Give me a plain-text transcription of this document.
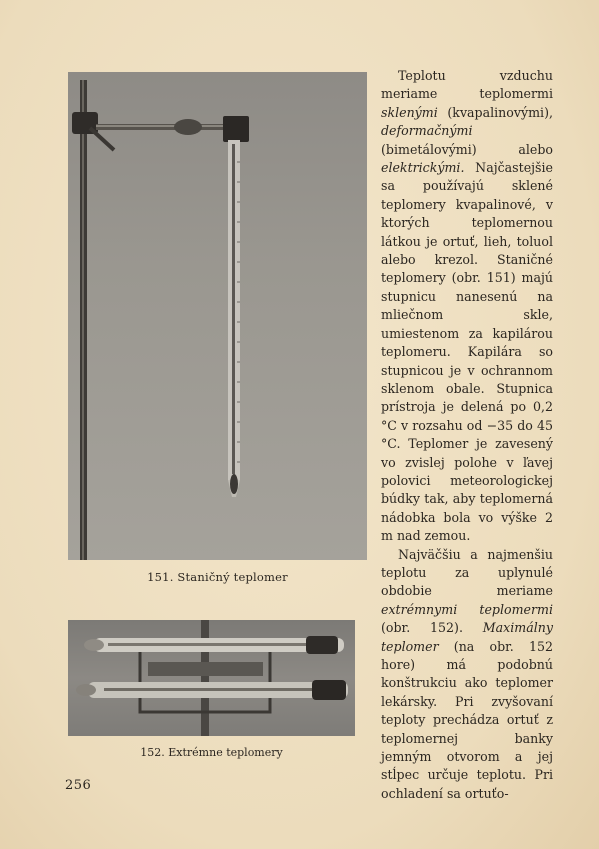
151. Staničný teplomer
152. Extrémne teplomery

Teplotu vzduchu meriame teplomermi sklenými (kvapalinovými), deformačnými (bimetálovými) alebo elektrickými. Najčastejšie sa používajú sklené teplomery kvapalinové, v ktorých teplomernou látkou je ortuť, lieh, toluol alebo krezol. Staničné teplomery (obr. 151) majú stupnicu nanesenú na mliečnom skle, umiestenom za kapilárou teplomeru. Kapilára so stupnicou je v ochrannom sklenom obale. Stupnica prístroja je delená po 0,2 °C v rozsahu od −35 do 45 °C. Teplomer je zavesený vo zvislej polohe v ľavej polovici meteorologickej búdky tak, aby teplomerná nádobka bola vo výške 2 m nad zemou.

Najväčšiu a najmenšiu teplotu za uplynulé obdobie meriame extrémnymi teplomermi (obr. 152). Maximálny teplomer (na obr. 152 hore) má podobnú konštrukciu ako teplomer lekársky. Pri zvyšovaní teploty prechádza ortuť z teplomernej banky jemným otvorom a jej stĺpec určuje teplotu. Pri ochladení sa ortuťo-

256
